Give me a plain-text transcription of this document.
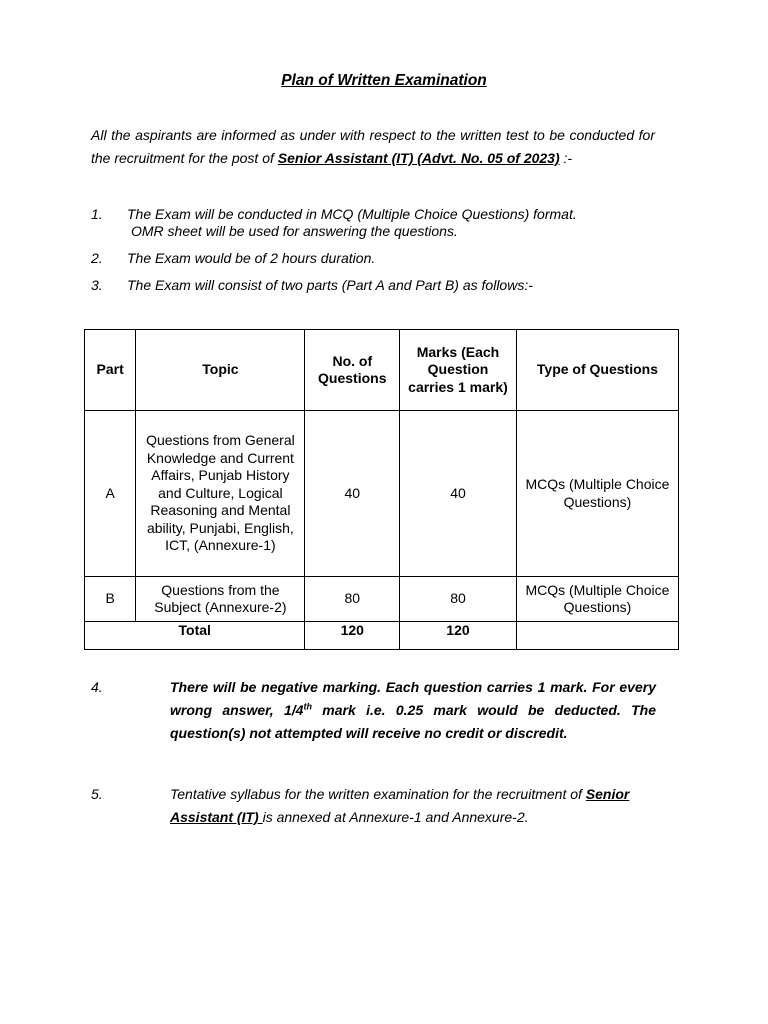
Plan of Written Examination
All the aspirants are informed as under with respect to the written test to be conducted for the recruitment for the post of Senior Assistant (IT) (Advt. No. 05 of 2023) :-
1. The Exam will be conducted in MCQ (Multiple Choice Questions) format.
OMR sheet will be used for answering the questions.
2. The Exam would be of 2 hours duration.
3. The Exam will consist of two parts (Part A and Part B) as follows:-
Part	Topic	No. of Questions	Marks (Each Question carries 1 mark)	Type of Questions
A	Questions from General Knowledge and Current Affairs, Punjab History and Culture, Logical Reasoning and Mental ability, Punjabi, English, ICT, (Annexure-1)	40	40	MCQs (Multiple Choice Questions)
B	Questions from the Subject (Annexure-2)	80	80	MCQs (Multiple Choice Questions)
Total		120	120	
4.	There will be negative marking. Each question carries 1 mark. For every wrong answer, 1/4th mark i.e. 0.25 mark would be deducted. The question(s) not attempted will receive no credit or discredit.
5.	Tentative syllabus for the written examination for the recruitment of Senior Assistant (IT) is annexed at Annexure-1 and Annexure-2.
